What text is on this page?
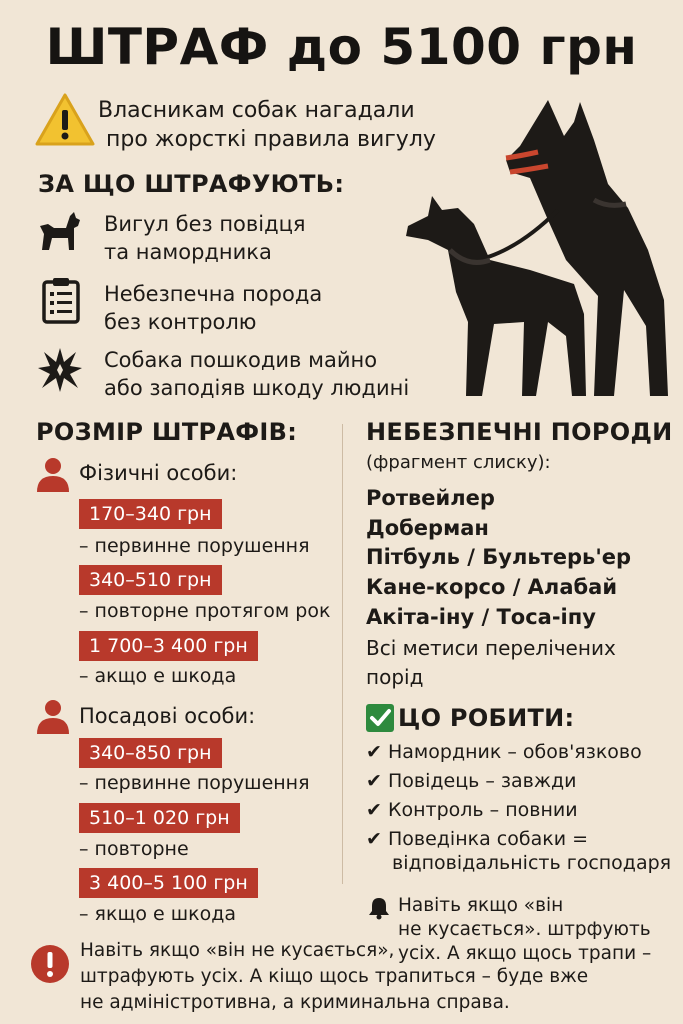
ШТРАФ до 5100 грн
Власникам собак нагадали
про жорсткі правила вигулу
ЗА ЩО ШТРАФУЮТЬ:
Вигул без повідця
та намордника
Небезпечна порода
без контролю
Собака пошкодив майно
або заподіяв шкоду людині
РОЗМІР ШТРАФІВ:
Фізичні особи:
170–340 грн
– первинне порушення
340–510 грн
– повторне протягом рок
1 700–3 400 грн
– акщо е шкода
Посадові особи:
340–850 грн
– первинне порушення
510–1 020 грн
– повторне
3 400–5 100 грн
– якщо е шкода
НЕБЕЗПЕЧНІ ПОРОДИ
(фрагмент слиску):
Ротвейлер
Доберман
Пітбуль / Бультерь'ер
Кане-корсо / Алабай
Акіта-іну / Тоса-іпу
Всі метиси перелічених
порід
ЦО РОБИТИ:
✔ Намордник – обов'язково
✔ Повідець – завжди
✔ Контроль – повнии
✔ Поведінка собаки =
відповідальність господаря
Навіть якщо «він
не кусається». штрфують
усіх. А якщо щось трапи –
Навіть якщо «він не кусається»,
штрафують усіх. А кіщо щось трапиться – буде вже
не адміністротивна, а криминальна справа.
